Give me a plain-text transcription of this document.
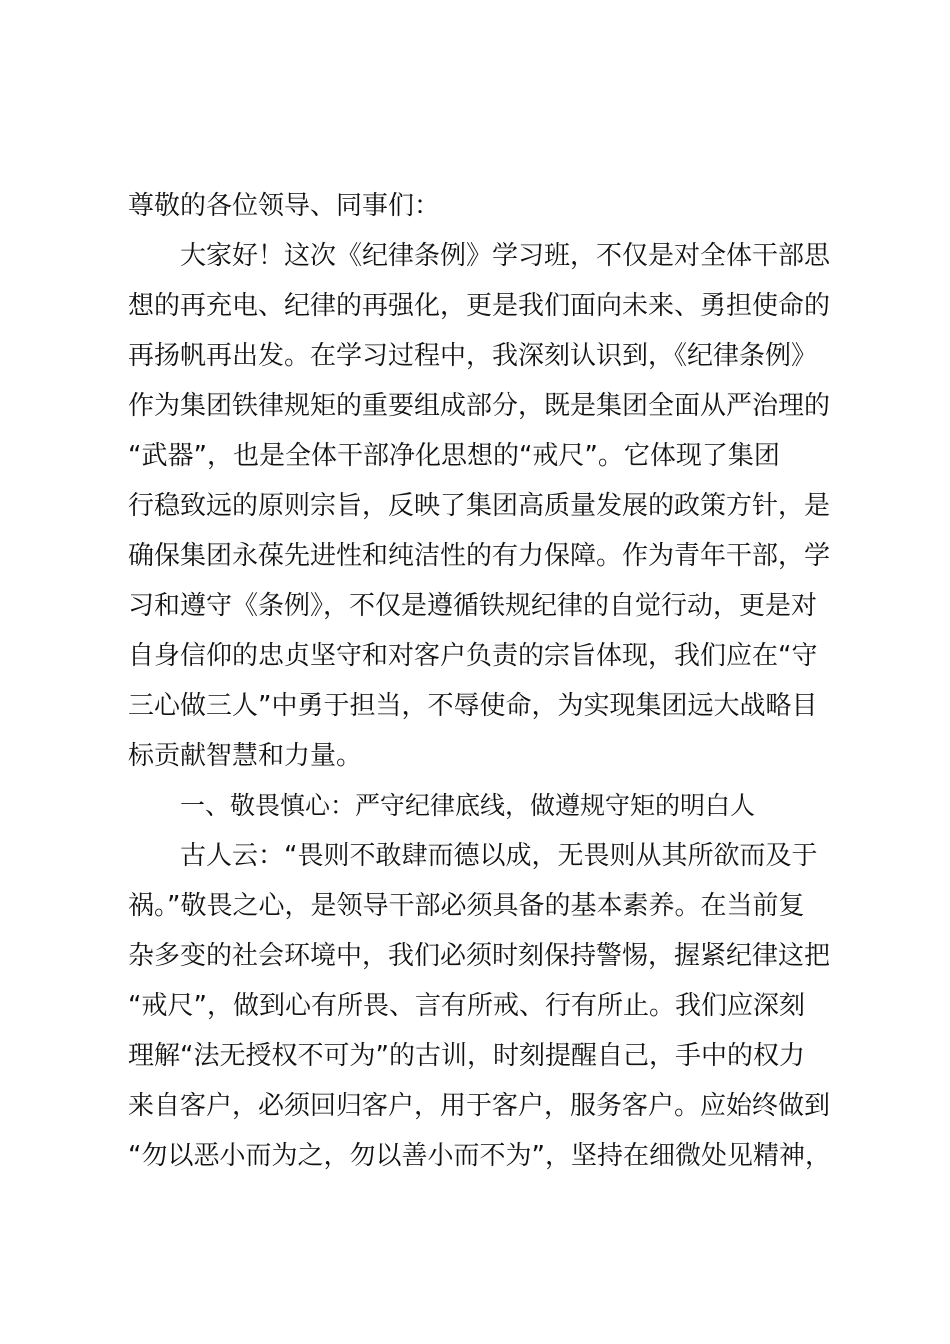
尊敬的各位领导、同事们：
大家好！这次《纪律条例》学习班，不仅是对全体干部思
想的再充电、纪律的再强化，更是我们面向未来、勇担使命的
再扬帆再出发。在学习过程中，我深刻认识到，《纪律条例》
作为集团铁律规矩的重要组成部分，既是集团全面从严治理的
“武器”，也是全体干部净化思想的“戒尺”。它体现了集团
行稳致远的原则宗旨，反映了集团高质量发展的政策方针，是
确保集团永葆先进性和纯洁性的有力保障。作为青年干部，学
习和遵守《条例》，不仅是遵循铁规纪律的自觉行动，更是对
自身信仰的忠贞坚守和对客户负责的宗旨体现，我们应在“守
三心做三人”中勇于担当，不辱使命，为实现集团远大战略目
标贡献智慧和力量。
一、敬畏慎心：严守纪律底线，做遵规守矩的明白人
古人云：“畏则不敢肆而德以成，无畏则从其所欲而及于
祸。”敬畏之心，是领导干部必须具备的基本素养。在当前复
杂多变的社会环境中，我们必须时刻保持警惕，握紧纪律这把
“戒尺”，做到心有所畏、言有所戒、行有所止。我们应深刻
理解“法无授权不可为”的古训，时刻提醒自己，手中的权力
来自客户，必须回归客户，用于客户，服务客户。应始终做到
“勿以恶小而为之，勿以善小而不为”，坚持在细微处见精神，
